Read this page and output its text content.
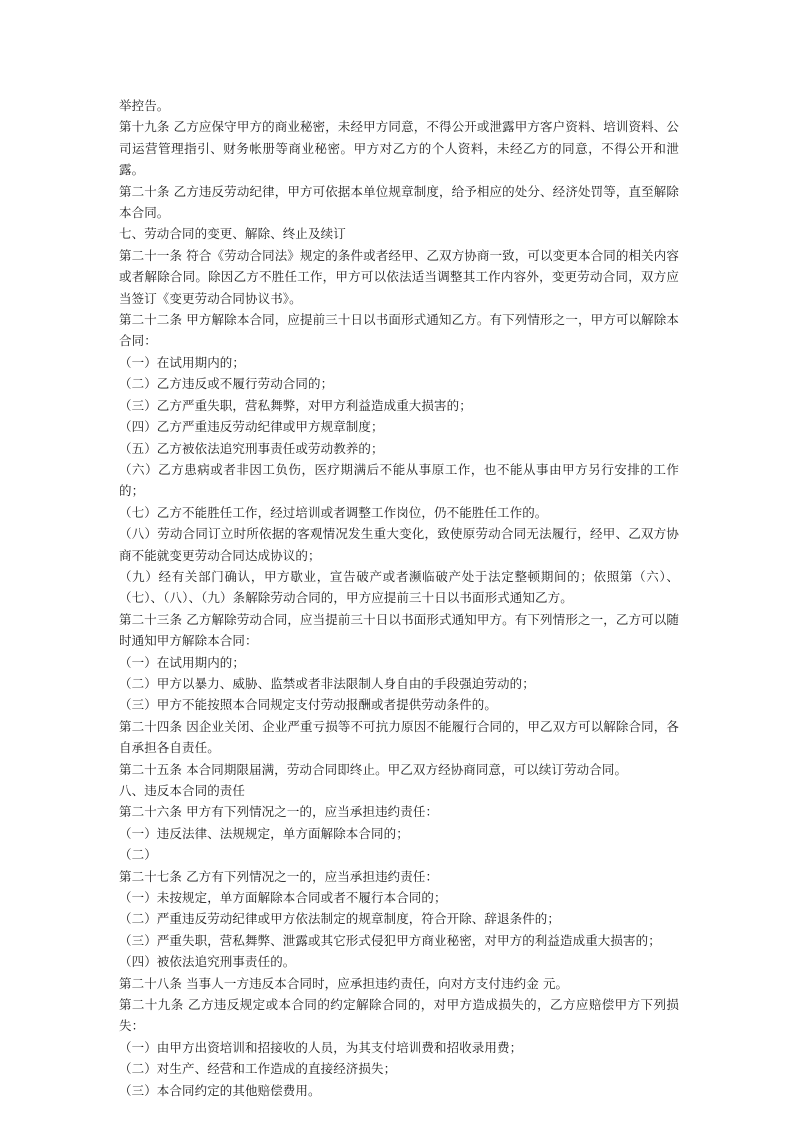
举控告。

第十九条 乙方应保守甲方的商业秘密，未经甲方同意，不得公开或泄露甲方客户资料、培训资料、公司运营管理指引、财务帐册等商业秘密。甲方对乙方的个人资料，未经乙方的同意，不得公开和泄露。

第二十条 乙方违反劳动纪律，甲方可依据本单位规章制度，给予相应的处分、经济处罚等，直至解除本合同。

七、劳动合同的变更、解除、终止及续订

第二十一条 符合《劳动合同法》规定的条件或者经甲、乙双方协商一致，可以变更本合同的相关内容或者解除合同。除因乙方不胜任工作，甲方可以依法适当调整其工作内容外，变更劳动合同，双方应当签订《变更劳动合同协议书》。

第二十二条 甲方解除本合同，应提前三十日以书面形式通知乙方。有下列情形之一，甲方可以解除本合同：

（一）在试用期内的；

（二）乙方违反或不履行劳动合同的；

（三）乙方严重失职，营私舞弊，对甲方利益造成重大损害的；

（四）乙方严重违反劳动纪律或甲方规章制度；

（五）乙方被依法追究刑事责任或劳动教养的；

（六）乙方患病或者非因工负伤，医疗期满后不能从事原工作，也不能从事由甲方另行安排的工作的；

（七）乙方不能胜任工作，经过培训或者调整工作岗位，仍不能胜任工作的。

（八）劳动合同订立时所依据的客观情况发生重大变化，致使原劳动合同无法履行，经甲、乙双方协商不能就变更劳动合同达成协议的；

（九）经有关部门确认，甲方歇业，宣告破产或者濒临破产处于法定整顿期间的；依照第（六）、（七）、（八）、（九）条解除劳动合同的，甲方应提前三十日以书面形式通知乙方。

第二十三条 乙方解除劳动合同，应当提前三十日以书面形式通知甲方。有下列情形之一，乙方可以随时通知甲方解除本合同：

（一）在试用期内的；

（二）甲方以暴力、威胁、监禁或者非法限制人身自由的手段强迫劳动的；

（三）甲方不能按照本合同规定支付劳动报酬或者提供劳动条件的。

第二十四条 因企业关闭、企业严重亏损等不可抗力原因不能履行合同的，甲乙双方可以解除合同，各自承担各自责任。

第二十五条 本合同期限届满，劳动合同即终止。甲乙双方经协商同意，可以续订劳动合同。

八、违反本合同的责任

第二十六条 甲方有下列情况之一的，应当承担违约责任：

（一）违反法律、法规规定，单方面解除本合同的；

（二）

第二十七条 乙方有下列情况之一的，应当承担违约责任：

（一）未按规定，单方面解除本合同或者不履行本合同的；

（二）严重违反劳动纪律或甲方依法制定的规章制度，符合开除、辞退条件的；

（三）严重失职，营私舞弊、泄露或其它形式侵犯甲方商业秘密，对甲方的利益造成重大损害的；

（四）被依法追究刑事责任的。

第二十八条 当事人一方违反本合同时，应承担违约责任，向对方支付违约金 元。

第二十九条 乙方违反规定或本合同的约定解除合同的，对甲方造成损失的，乙方应赔偿甲方下列损失：

（一）由甲方出资培训和招接收的人员，为其支付培训费和招收录用费；

（二）对生产、经营和工作造成的直接经济损失；

（三）本合同约定的其他赔偿费用。
